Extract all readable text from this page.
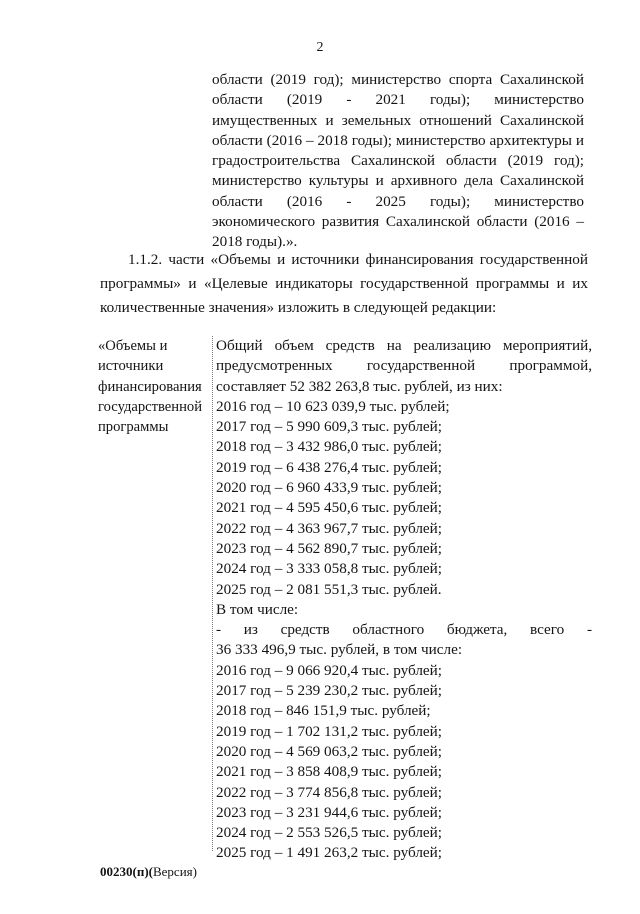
2
области (2019 год); министерство спорта Сахалинской области (2019 - 2021 годы); министерство имущественных и земельных отношений Сахалинской области (2016 – 2018 годы); министерство архитектуры и градостроительства Сахалинской области (2019 год); министерство культуры и архивного дела Сахалинской области (2016 - 2025 годы); министерство экономического развития Сахалинской области (2016 – 2018 годы).».
1.1.2. части «Объемы и источники финансирования государственной программы» и «Целевые индикаторы государственной программы и их количественные значения» изложить в следующей редакции:
«Объемы и
источники
финансирования
государственной
программы
Общий объем средств на реализацию мероприятий, предусмотренных государственной программой, составляет 52 382 263,8 тыс. рублей, из них:
2016 год – 10 623 039,9 тыс. рублей;
2017 год – 5 990 609,3 тыс. рублей;
2018 год – 3 432 986,0 тыс. рублей;
2019 год – 6 438 276,4 тыс. рублей;
2020 год – 6 960 433,9 тыс. рублей;
2021 год – 4 595 450,6 тыс. рублей;
2022 год – 4 363 967,7 тыс. рублей;
2023 год – 4 562 890,7 тыс. рублей;
2024 год – 3 333 058,8 тыс. рублей;
2025 год – 2 081 551,3 тыс. рублей.
В том числе:
- из средств областного бюджета, всего -
36 333 496,9 тыс. рублей, в том числе:
2016 год – 9 066 920,4 тыс. рублей;
2017 год – 5 239 230,2 тыс. рублей;
2018 год – 846 151,9 тыс. рублей;
2019 год – 1 702 131,2 тыс. рублей;
2020 год – 4 569 063,2 тыс. рублей;
2021 год – 3 858 408,9 тыс. рублей;
2022 год – 3 774 856,8 тыс. рублей;
2023 год – 3 231 944,6 тыс. рублей;
2024 год – 2 553 526,5 тыс. рублей;
2025 год – 1 491 263,2 тыс. рублей;
00230(п)(Версия)
